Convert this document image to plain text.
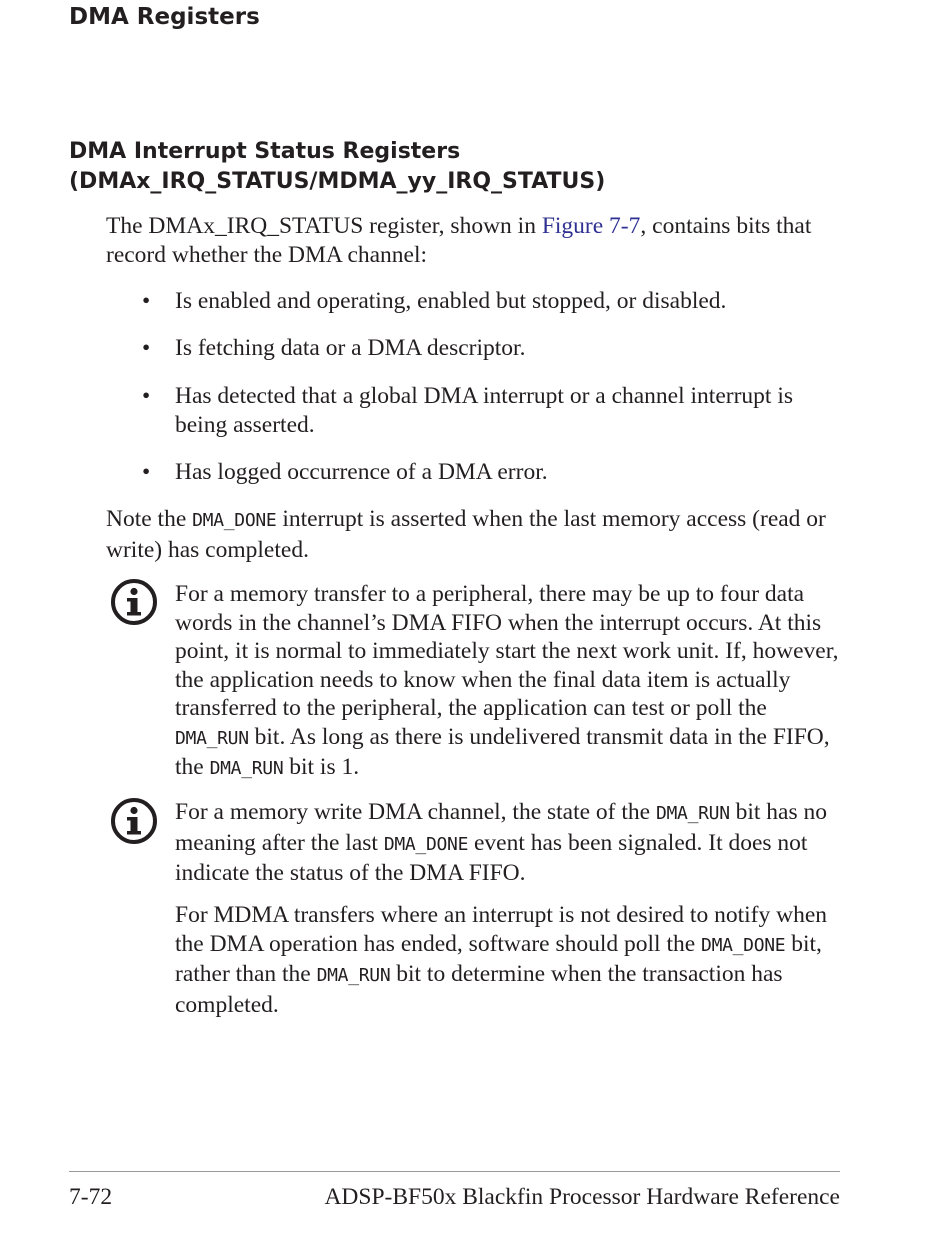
DMA Registers
DMA Interrupt Status Registers
(DMAx_IRQ_STATUS/MDMA_yy_IRQ_STATUS)
The DMAx_IRQ_STATUS register, shown in Figure 7-7, contains bits that record whether the DMA channel:
• Is enabled and operating, enabled but stopped, or disabled.
• Is fetching data or a DMA descriptor.
• Has detected that a global DMA interrupt or a channel interrupt is being asserted.
• Has logged occurrence of a DMA error.
Note the DMA_DONE interrupt is asserted when the last memory access (read or write) has completed.
For a memory transfer to a peripheral, there may be up to four data words in the channel’s DMA FIFO when the interrupt occurs. At this point, it is normal to immediately start the next work unit. If, however, the application needs to know when the final data item is actually transferred to the peripheral, the application can test or poll the DMA_RUN bit. As long as there is undelivered transmit data in the FIFO, the DMA_RUN bit is 1.
For a memory write DMA channel, the state of the DMA_RUN bit has no meaning after the last DMA_DONE event has been signaled. It does not indicate the status of the DMA FIFO.
For MDMA transfers where an interrupt is not desired to notify when the DMA operation has ended, software should poll the DMA_DONE bit, rather than the DMA_RUN bit to determine when the transaction has completed.
7-72	ADSP-BF50x Blackfin Processor Hardware Reference
